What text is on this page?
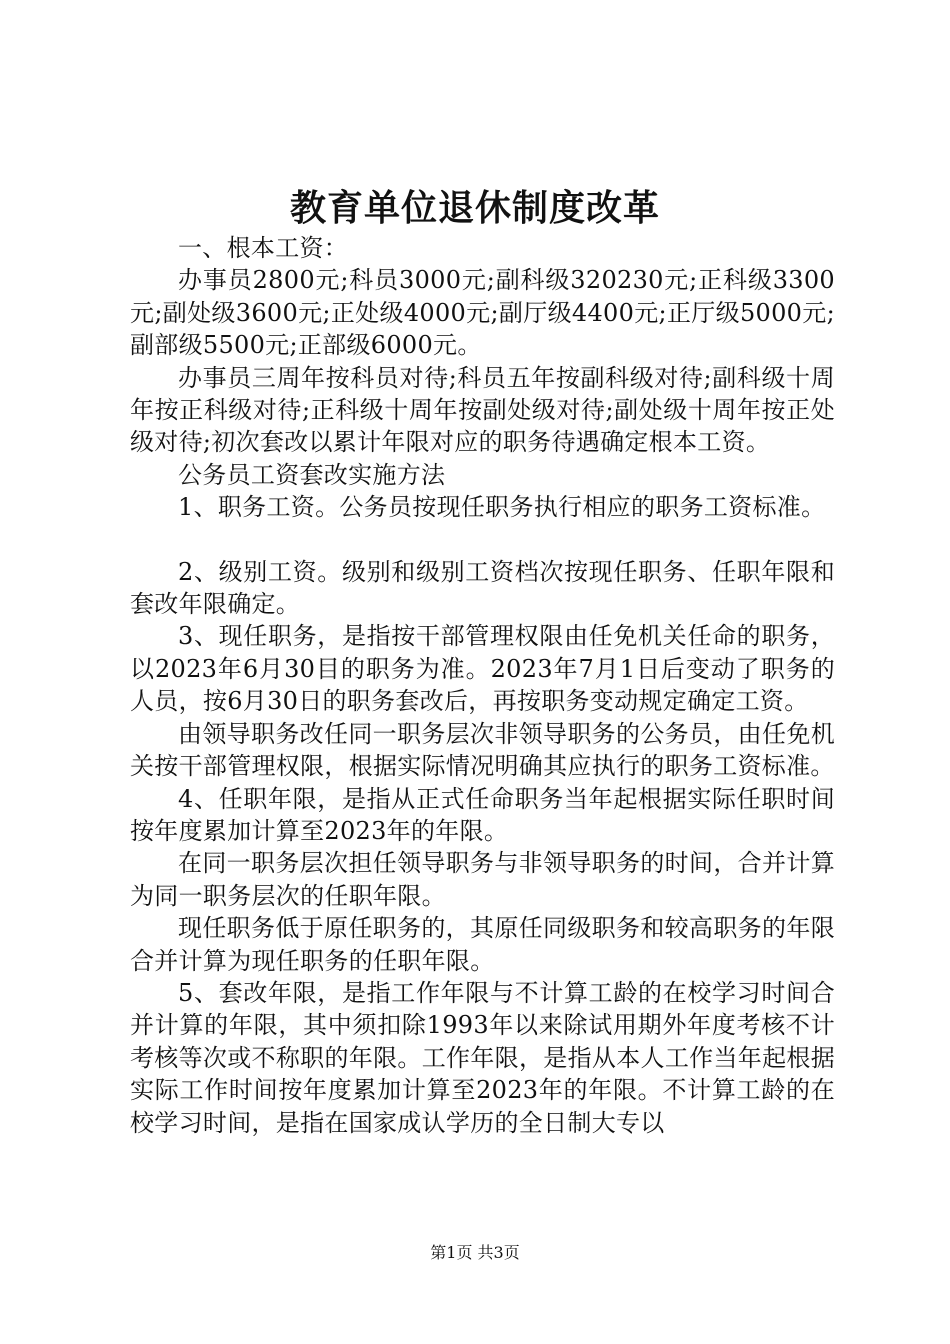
教育单位退休制度改革

一、根本工资：

办事员2800元;科员3000元;副科级320230元;正科级3300元;副处级3600元;正处级4000元;副厅级4400元;正厅级5000元;副部级5500元;正部级6000元。

办事员三周年按科员对待;科员五年按副科级对待;副科级十周年按正科级对待;正科级十周年按副处级对待;副处级十周年按正处级对待;初次套改以累计年限对应的职务待遇确定根本工资。

公务员工资套改实施方法

1、职务工资。公务员按现任职务执行相应的职务工资标准。

2、级别工资。级别和级别工资档次按现任职务、任职年限和套改年限确定。

3、现任职务，是指按干部管理权限由任免机关任命的职务，以2023年6月30目的职务为准。2023年7月1日后变动了职务的人员，按6月30日的职务套改后，再按职务变动规定确定工资。

由领导职务改任同一职务层次非领导职务的公务员，由任免机关按干部管理权限，根据实际情况明确其应执行的职务工资标准。

4、任职年限，是指从正式任命职务当年起根据实际任职时间按年度累加计算至2023年的年限。

在同一职务层次担任领导职务与非领导职务的时间，合并计算为同一职务层次的任职年限。

现任职务低于原任职务的，其原任同级职务和较高职务的年限合并计算为现任职务的任职年限。

5、套改年限，是指工作年限与不计算工龄的在校学习时间合并计算的年限，其中须扣除1993年以来除试用期外年度考核不计考核等次或不称职的年限。工作年限，是指从本人工作当年起根据实际工作时间按年度累加计算至2023年的年限。不计算工龄的在校学习时间，是指在国家成认学历的全日制大专以

第1页 共3页
